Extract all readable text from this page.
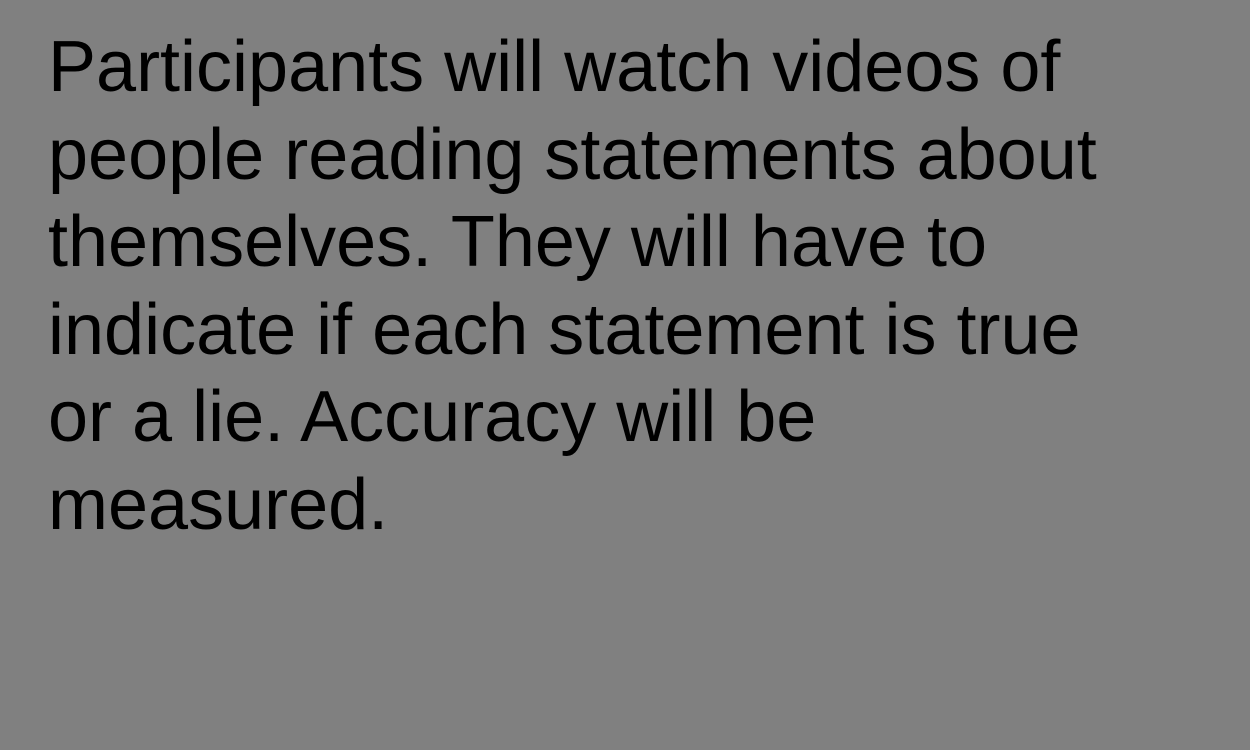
Participants will watch videos of
people reading statements about
themselves. They will have to
indicate if each statement is true
or a lie. Accuracy will be
measured.
